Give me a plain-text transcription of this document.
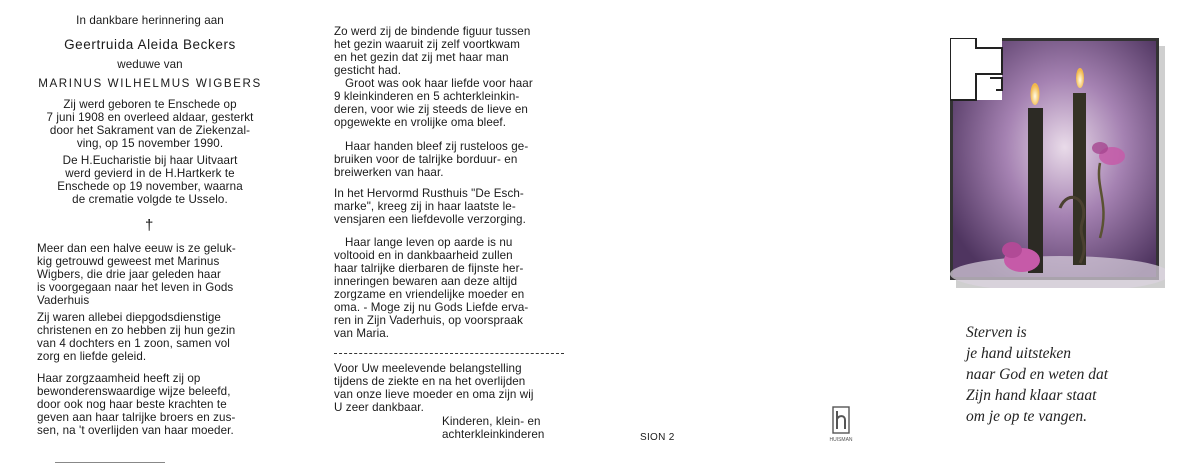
In dankbare herinnering aan
Geertruida Aleida Beckers
weduwe van
MARINUS WILHELMUS WIGBERS
Zij werd geboren te Enschede op
7 juni 1908 en overleed aldaar, gesterkt
door het Sakrament van de Ziekenzal-
ving, op 15 november 1990.
De H.Eucharistie bij haar Uitvaart
werd gevierd in de H.Hartkerk te
Enschede op 19 november, waarna
de crematie volgde te Usselo.
†
Meer dan een halve eeuw is ze geluk-
kig getrouwd geweest met Marinus
Wigbers, die drie jaar geleden haar
is voorgegaan naar het leven in Gods
Vaderhuis
Zij waren allebei diepgodsdienstige
christenen en zo hebben zij hun gezin
van 4 dochters en 1 zoon, samen vol
zorg en liefde geleid.
Haar zorgzaamheid heeft zij op
bewonderenswaardige wijze beleefd,
door ook nog haar beste krachten te
geven aan haar talrijke broers en zus-
sen, na 't overlijden van haar moeder.
Zo werd zij de bindende figuur tussen
het gezin waaruit zij zelf voortkwam
en het gezin dat zij met haar man
gesticht had.
Groot was ook haar liefde voor haar
9 kleinkinderen en 5 achterkleinkin-
deren, voor wie zij steeds de lieve en
opgewekte en vrolijke oma bleef.
Haar handen bleef zij rusteloos ge-
bruiken voor de talrijke borduur- en
breiwerken van haar.
In het Hervormd Rusthuis "De Esch-
marke", kreeg zij in haar laatste le-
vensjaren een liefdevolle verzorging.
Haar lange leven op aarde is nu
voltooid en in dankbaarheid zullen
haar talrijke dierbaren de fijnste her-
inneringen bewaren aan deze altijd
zorgzame en vriendelijke moeder en
oma. - Moge zij nu Gods Liefde erva-
ren in Zijn Vaderhuis, op voorspraak
van Maria.
Voor Uw meelevende belangstelling
tijdens de ziekte en na het overlijden
van onze lieve moeder en oma zijn wij
U zeer dankbaar.
Kinderen, klein- en
achterkleinkinderen	SION 2	HUISMAN
Sterven is
je hand uitsteken
naar God en weten dat
Zijn hand klaar staat
om je op te vangen.
